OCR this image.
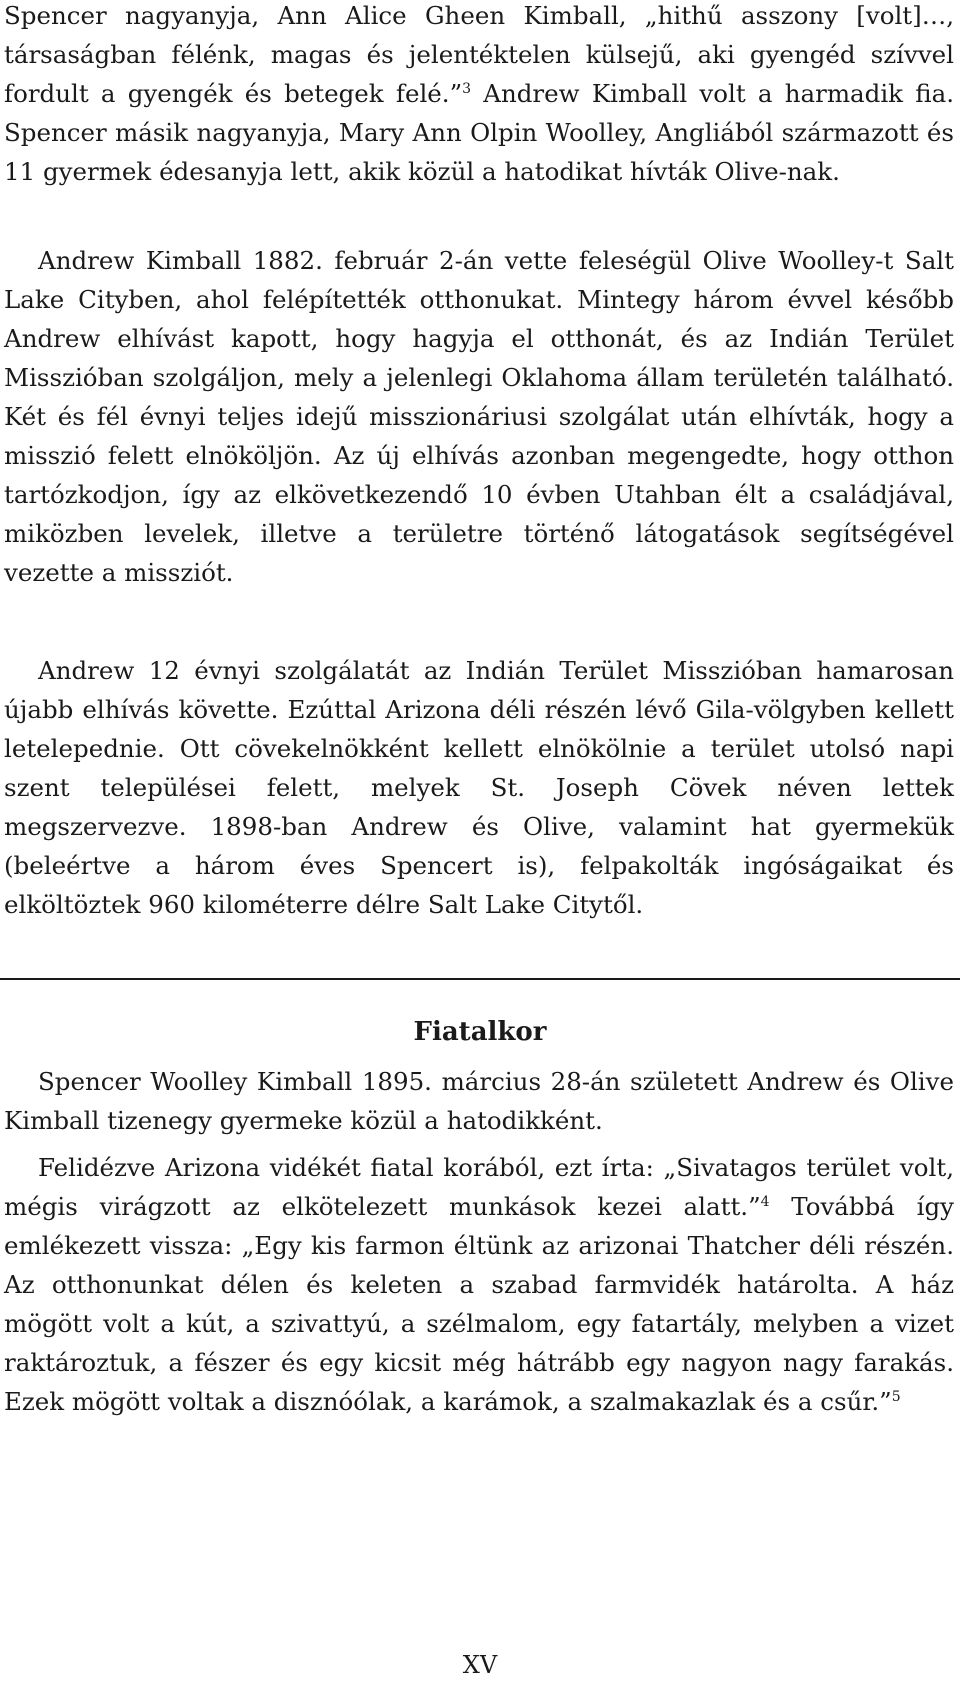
Spencer nagyanyja, Ann Alice Gheen Kimball, „hithű asszony [volt]…, társaságban félénk, magas és jelentéktelen külsejű, aki gyengéd szívvel fordult a gyengék és betegek felé.”$^3$ Andrew Kimball volt a harmadik fia. Spencer másik nagyanyja, Mary Ann Olpin Woolley, Angliából származott és 11 gyermek édesanyja lett, akik közül a hatodikat hívták Olive-nak.

Andrew Kimball 1882. február 2-án vette feleségül Olive Woolley-t Salt Lake Cityben, ahol felépítették otthonukat. Mintegy három évvel később Andrew elhívást kapott, hogy hagyja el otthonát, és az Indián Terület Misszióban szolgáljon, mely a jelenlegi Oklahoma állam területén található. Két és fél évnyi teljes idejű misszionáriusi szolgálat után elhívták, hogy a misszió felett elnököljön. Az új elhívás azonban megengedte, hogy otthon tartózkodjon, így az elkövetkezendő 10 évben Utahban élt a családjával, miközben levelek, illetve a területre történő látogatások segítségével vezette a missziót.

Andrew 12 évnyi szolgálatát az Indián Terület Misszióban hamarosan újabb elhívás követte. Ezúttal Arizona déli részén lévő Gila-völgyben kellett letelepednie. Ott cövekelnökként kellett elnökölnie a terület utolsó napi szent települései felett, melyek St. Joseph Cövek néven lettek megszervezve. 1898-ban Andrew és Olive, valamint hat gyermekük (beleértve a három éves Spencert is), felpakolták ingóságaikat és elköltöztek 960 kilométerre délre Salt Lake Citytől.

Fiatalkor

Spencer Woolley Kimball 1895. március 28-án született Andrew és Olive Kimball tizenegy gyermeke közül a hatodikként.

Felidézve Arizona vidékét fiatal korából, ezt írta: „Sivatagos terület volt, mégis virágzott az elkötelezett munkások kezei alatt.”$^4$ Továbbá így emlékezett vissza: „Egy kis farmon éltünk az arizonai Thatcher déli részén. Az otthonunkat délen és keleten a szabad farmvidék határolta. A ház mögött volt a kút, a szivattyú, a szélmalom, egy fatartály, melyben a vizet raktároztuk, a fészer és egy kicsit még hátrább egy nagyon nagy farakás. Ezek mögött voltak a disznóólak, a karámok, a szalmakazlak és a csűr.”$^5$

XV
